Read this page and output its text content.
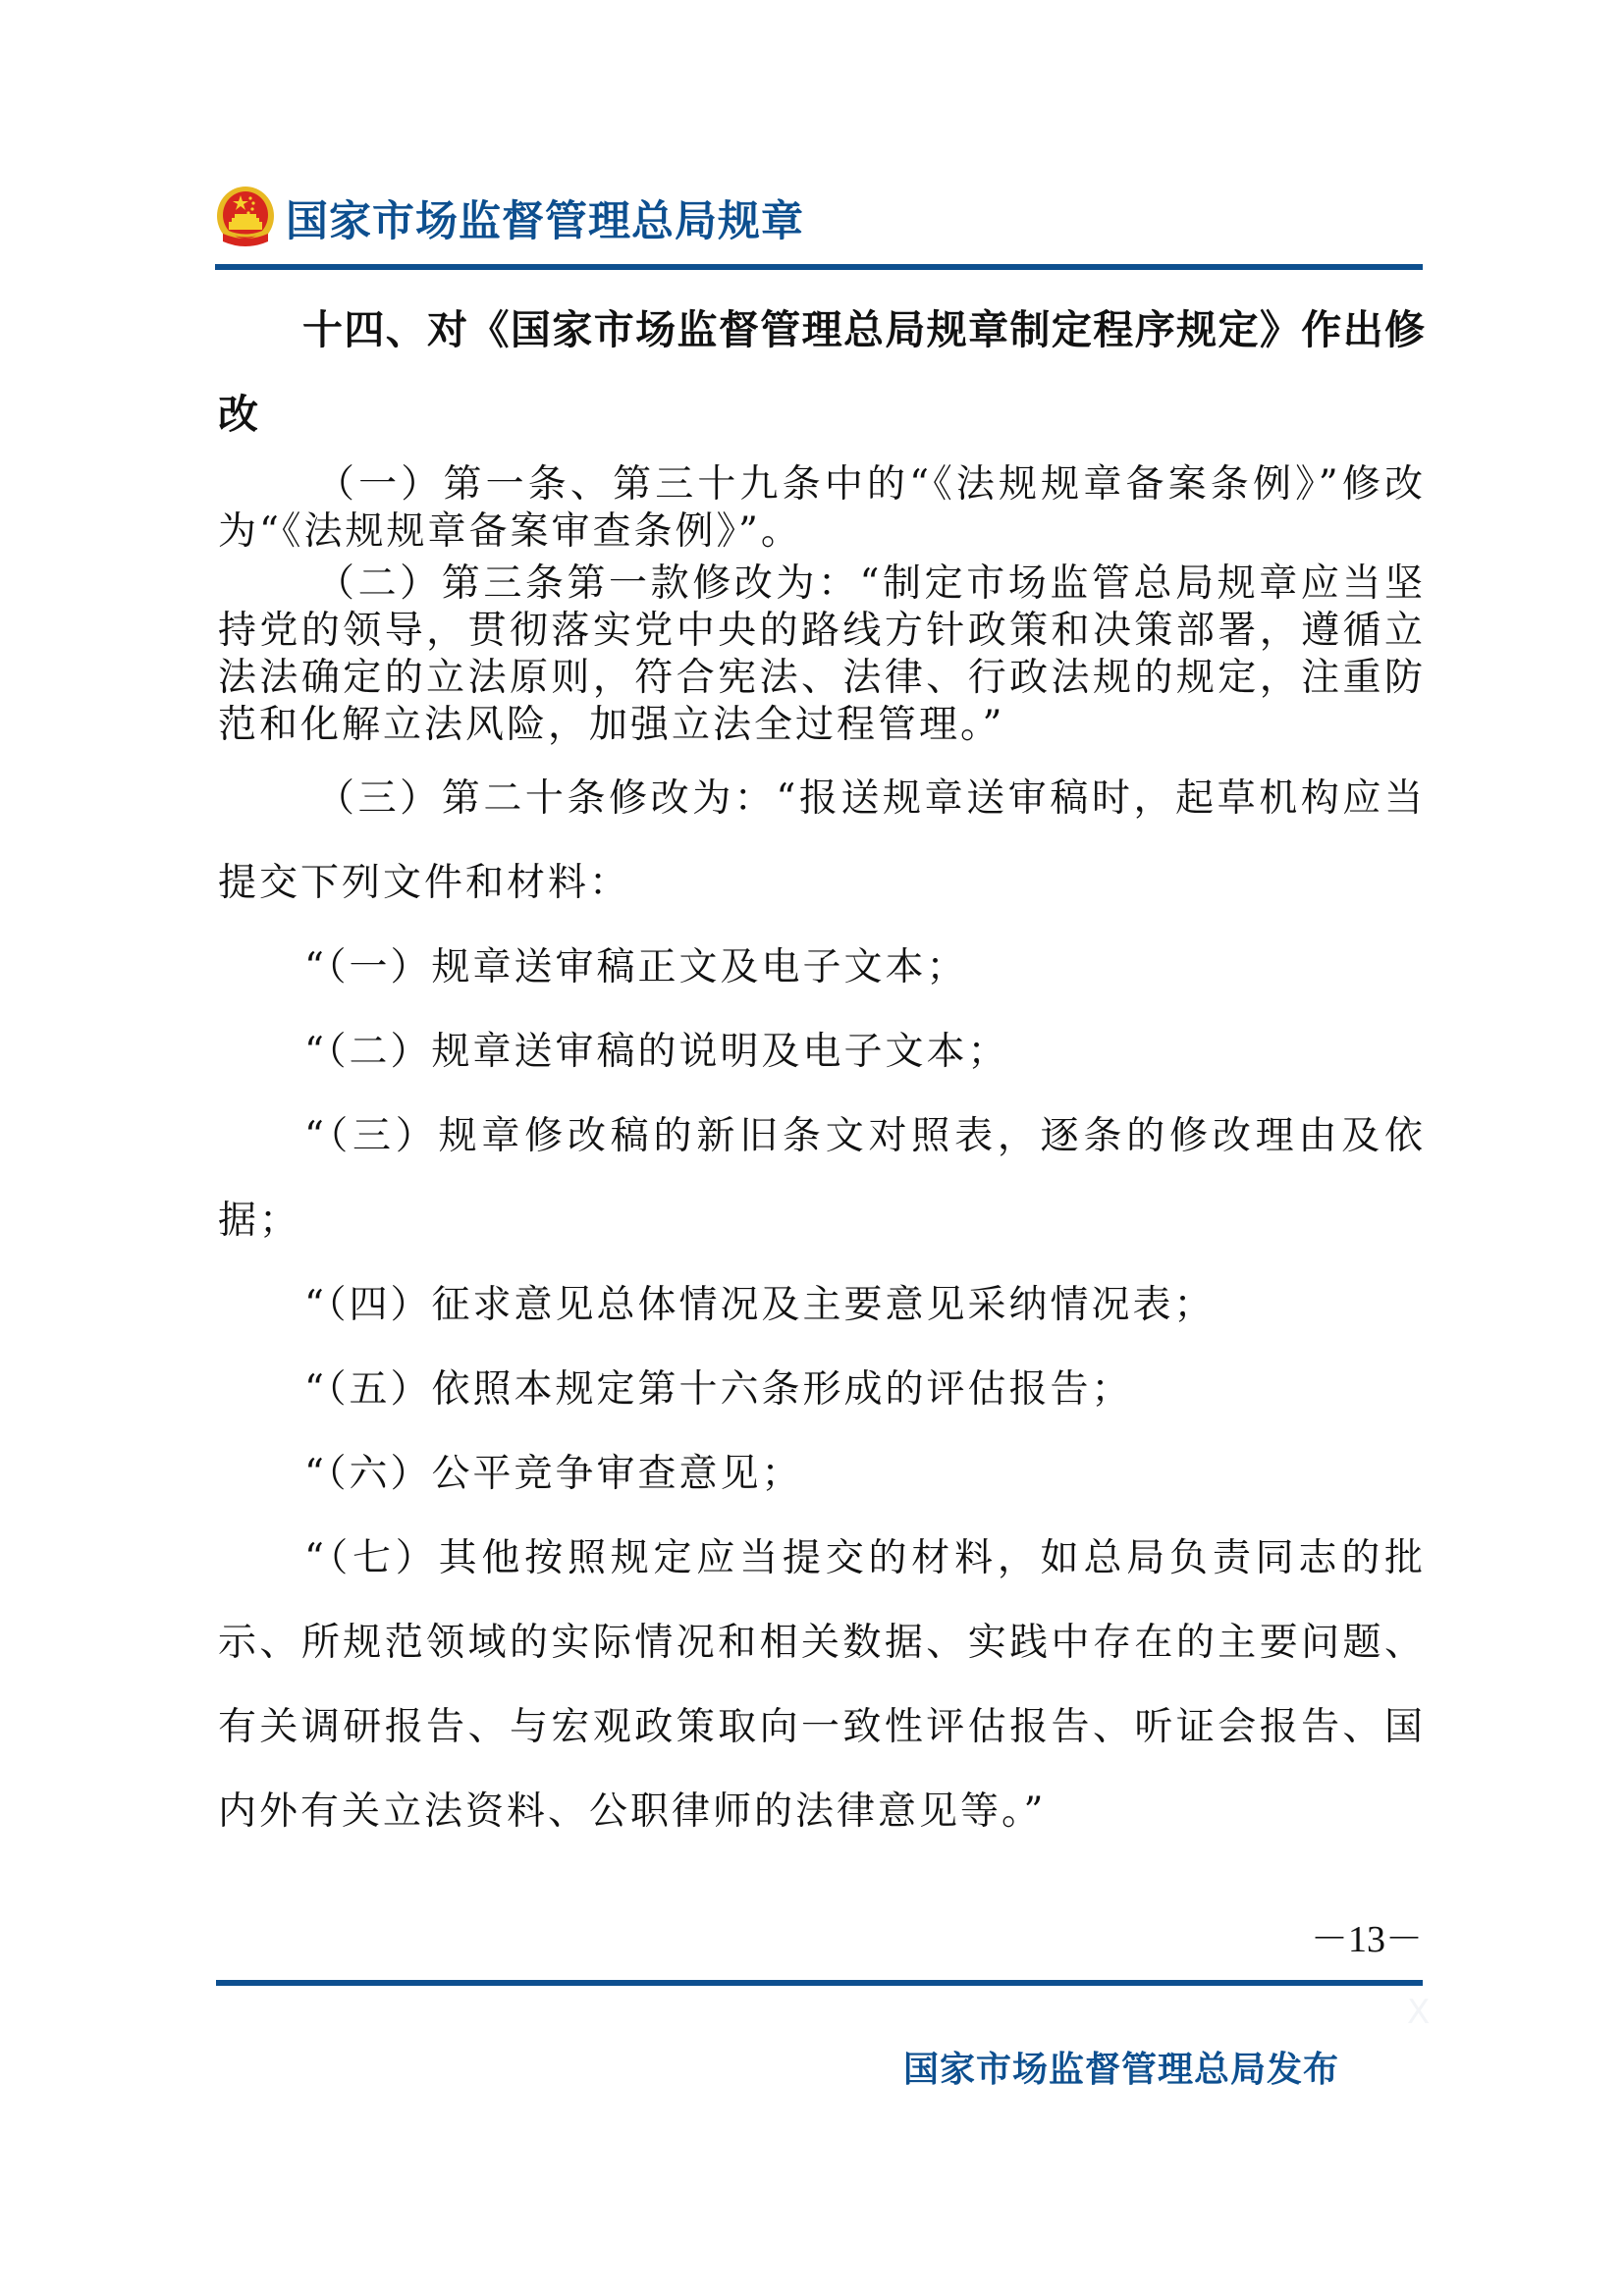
国家市场监督管理总局规章

十四、对《国家市场监督管理总局规章制定程序规定》作出修改

（一）第一条、第三十九条中的“《法规规章备案条例》”修改为“《法规规章备案审查条例》”。

（二）第三条第一款修改为：“制定市场监管总局规章应当坚持党的领导，贯彻落实党中央的路线方针政策和决策部署，遵循立法法确定的立法原则，符合宪法、法律、行政法规的规定，注重防范和化解立法风险，加强立法全过程管理。”

（三）第二十条修改为：“报送规章送审稿时，起草机构应当提交下列文件和材料：

“（一）规章送审稿正文及电子文本；

“（二）规章送审稿的说明及电子文本；

“（三）规章修改稿的新旧条文对照表，逐条的修改理由及依据；

“（四）征求意见总体情况及主要意见采纳情况表；

“（五）依照本规定第十六条形成的评估报告；

“（六）公平竞争审查意见；

“（七）其他按照规定应当提交的材料，如总局负责同志的批示、所规范领域的实际情况和相关数据、实践中存在的主要问题、有关调研报告、与宏观政策取向一致性评估报告、听证会报告、国内外有关立法资料、公职律师的法律意见等。”

－13－
X
国家市场监督管理总局发布
